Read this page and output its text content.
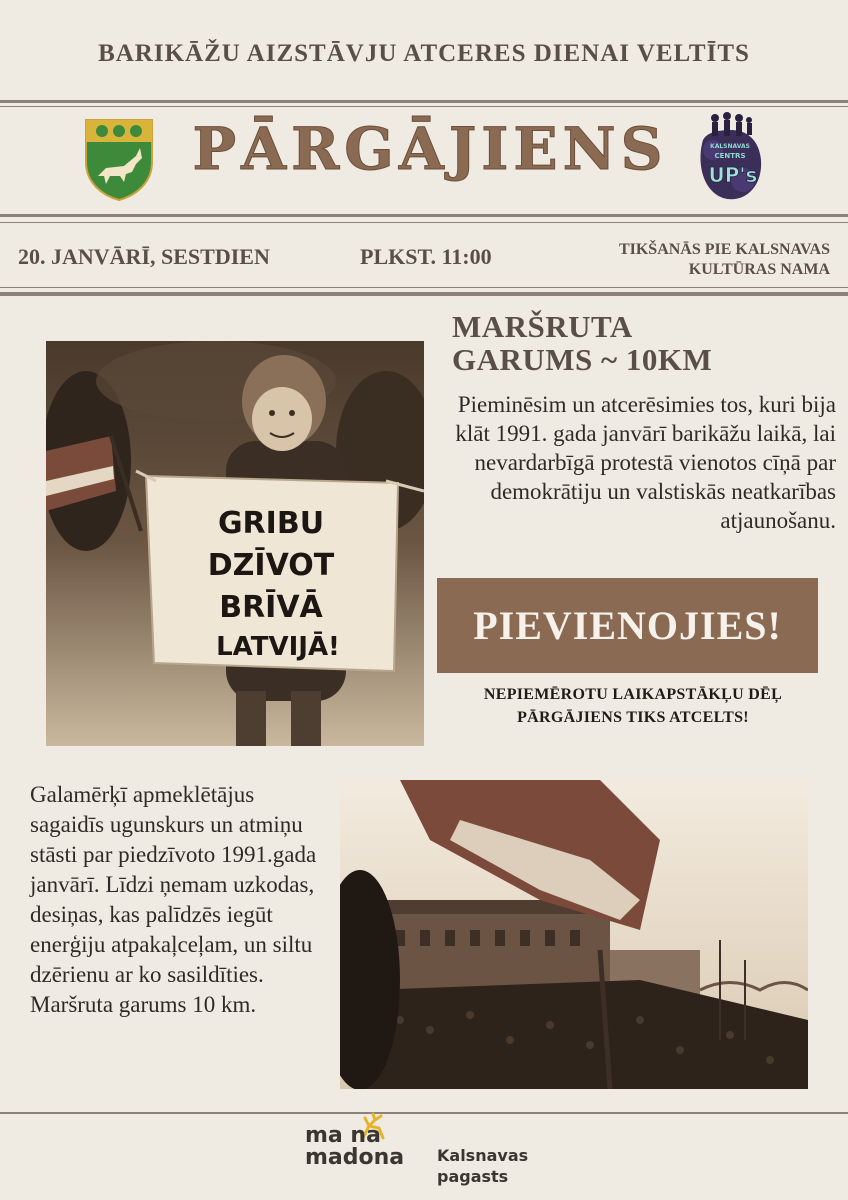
BARIKĀŽU AIZSTĀVJU ATCERES DIENAI VELTĪTS
PĀRGĀJIENS	KALSNAVAS
CENTRS
UP's
20. JANVĀRĪ, SESTDIEN	PLKST. 11:00	TIKŠANĀS PIE KALSNAVAS
KULTŪRAS NAMA
GRIBU
DZĪVOT
BRĪVĀ
LATVIJĀ!
MARŠRUTA
GARUMS ~ 10KM
Pieminēsim un atcerēsimies tos, kuri bija klāt 1991. gada janvārī barikāžu laikā, lai nevardarbīgā protestā vienotos cīņā par demokrātiju un valstiskās neatkarības atjaunošanu.
PIEVIENOJIES!
NEPIEMĒROTU LAIKAPSTĀKĻU DĒĻ
PĀRGĀJIENS TIKS ATCELTS!
Galamērķī apmeklētājus sagaidīs ugunskurs un atmiņu stāsti par piedzīvoto 1991.gada janvārī. Līdzi ņemam uzkodas, desiņas, kas palīdzēs iegūt enerģiju atpakaļceļam, un siltu dzērienu ar ko sasildīties. Maršruta garums 10 km.
ma na
madona Kalsnavas
pagasts
